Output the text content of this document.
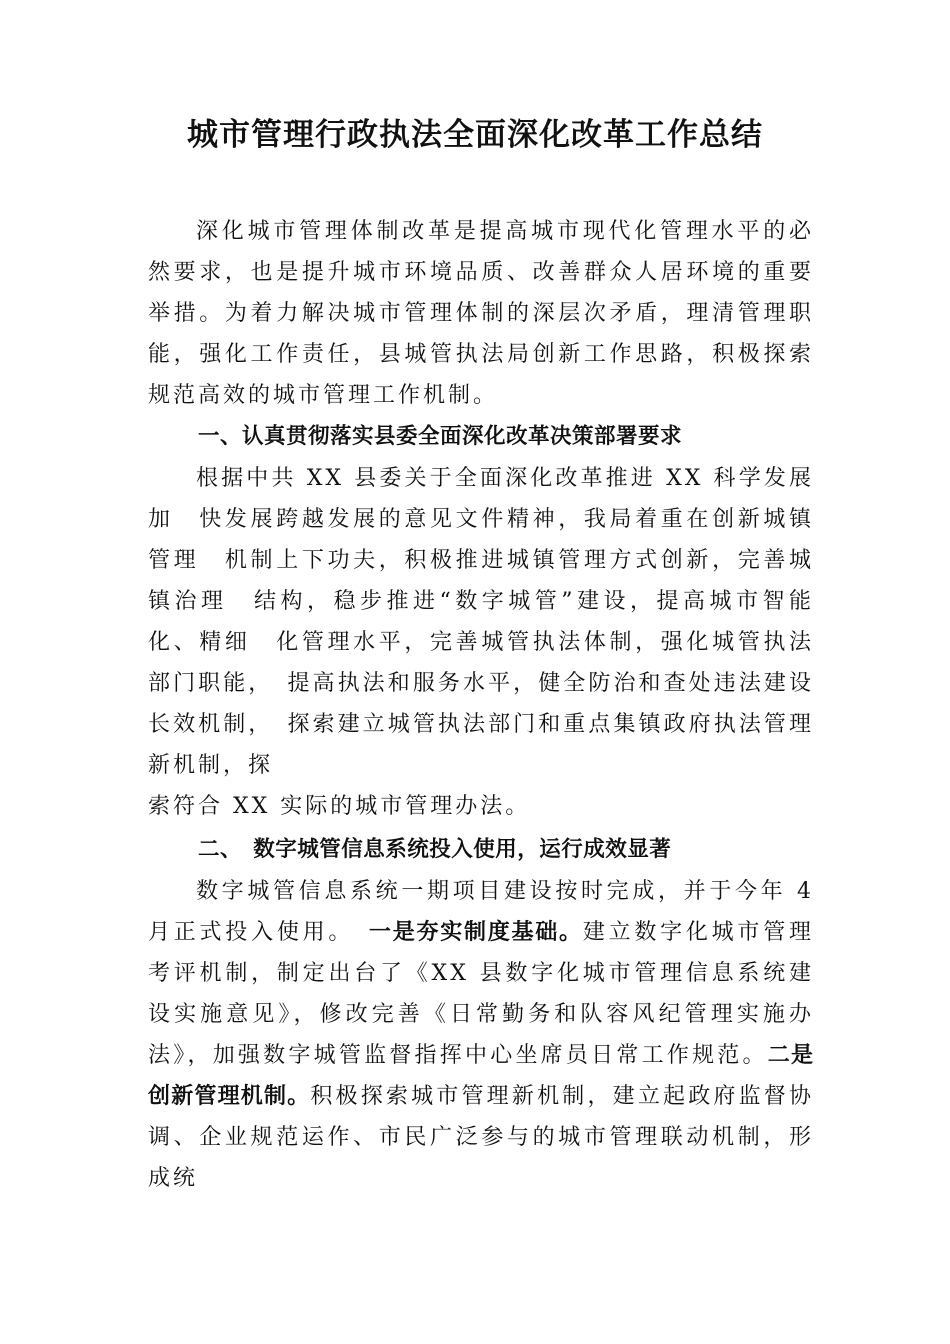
城市管理行政执法全面深化改革工作总结

深化城市管理体制改革是提高城市现代化管理水平的必然要求，也是提升城市环境品质、改善群众人居环境的重要举措。为着力解决城市管理体制的深层次矛盾，理清管理职能，强化工作责任，县城管执法局创新工作思路，积极探索规范高效的城市管理工作机制。

一、认真贯彻落实县委全面深化改革决策部署要求

根据中共 XX 县委关于全面深化改革推进 XX 科学发展加　快发展跨越发展的意见文件精神，我局着重在创新城镇管理　机制上下功夫，积极推进城镇管理方式创新，完善城镇治理　结构，稳步推进“数字城管”建设，提高城市智能化、精细　化管理水平，完善城管执法体制，强化城管执法部门职能，　提高执法和服务水平，健全防治和查处违法建设长效机制，　探索建立城管执法部门和重点集镇政府执法管理新机制，探

索符合 XX 实际的城市管理办法。

二、　数字城管信息系统投入使用，运行成效显著

数字城管信息系统一期项目建设按时完成，并于今年 4 月正式投入使用。　 一是夯实制度基础。建立数字化城市管理考评机制，制定出台了《XX 县数字化城市管理信息系统建设实施意见》，修改完善《日常勤务和队容风纪管理实施办法》，加强数字城管监督指挥中心坐席员日常工作规范。二是创新管理机制。积极探索城市管理新机制，建立起政府监督协调、企业规范运作、市民广泛参与的城市管理联动机制，形成统
